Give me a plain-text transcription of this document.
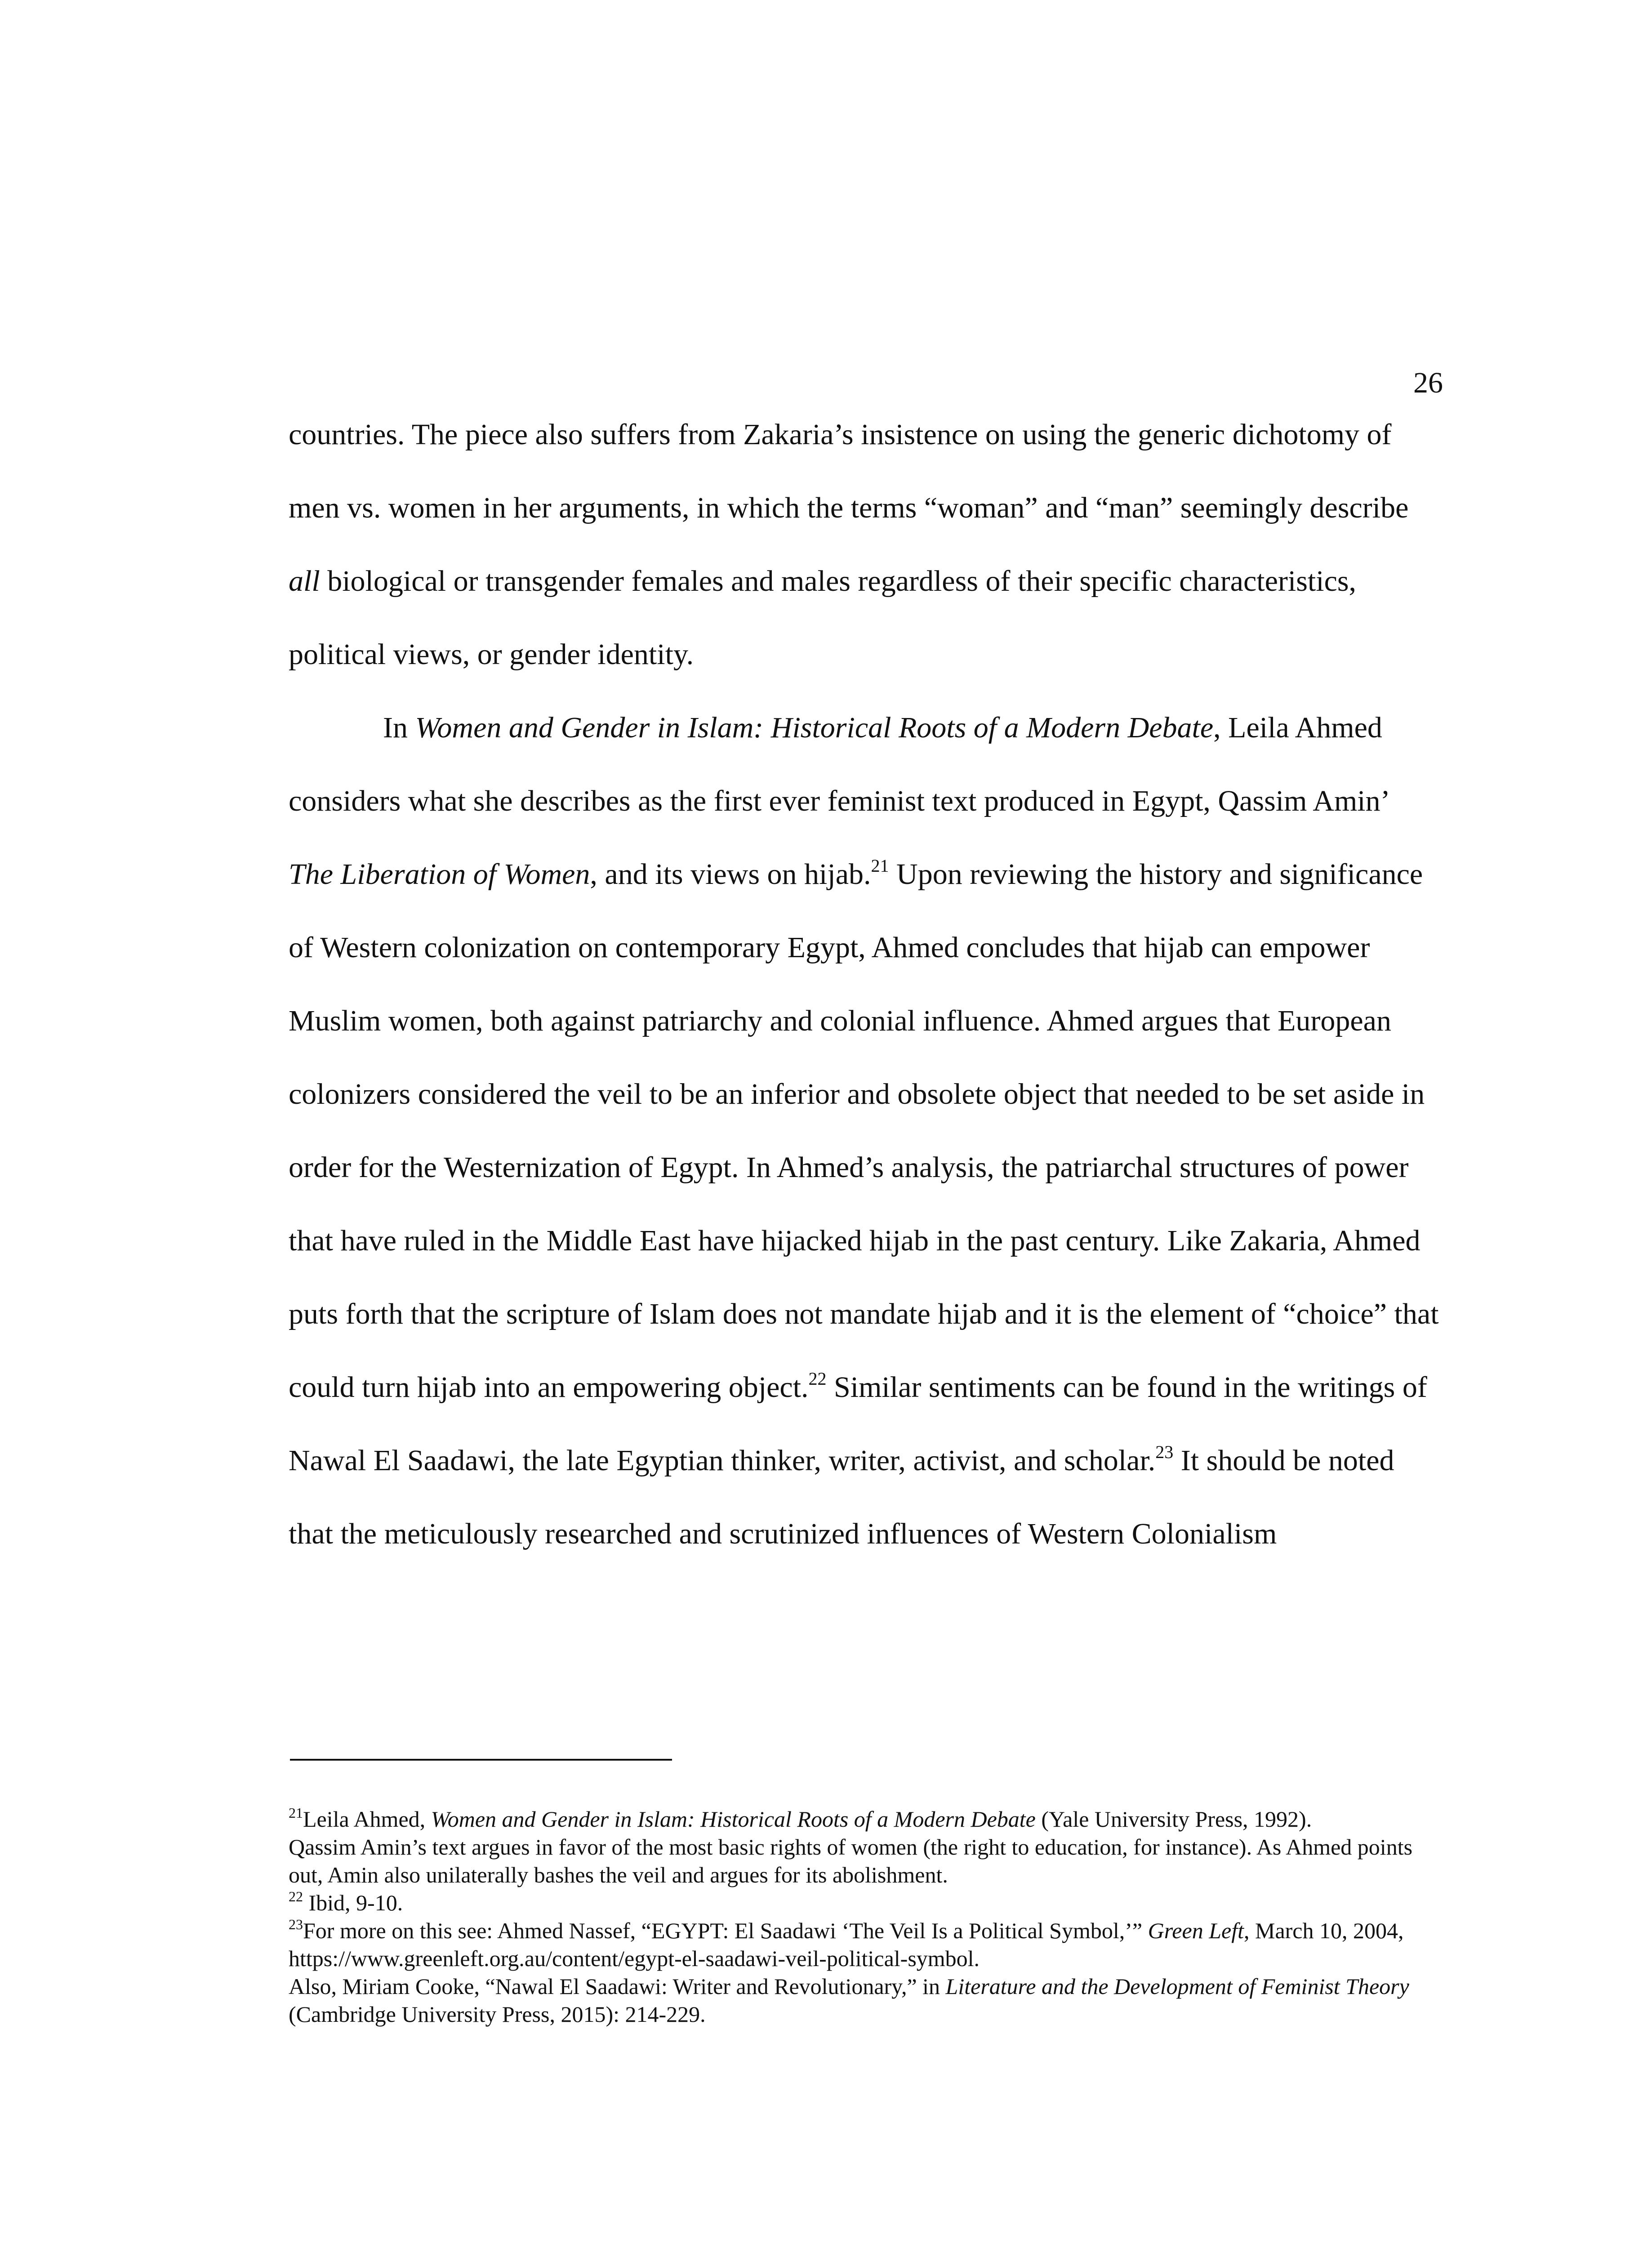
26

countries. The piece also suffers from Zakaria’s insistence on using the generic dichotomy of men vs. women in her arguments, in which the terms “woman” and “man” seemingly describe all biological or transgender females and males regardless of their specific characteristics, political views, or gender identity.

In Women and Gender in Islam: Historical Roots of a Modern Debate, Leila Ahmed considers what she describes as the first ever feminist text produced in Egypt, Qassim Amin’ The Liberation of Women, and its views on hijab.$^{21}$ Upon reviewing the history and significance of Western colonization on contemporary Egypt, Ahmed concludes that hijab can empower Muslim women, both against patriarchy and colonial influence. Ahmed argues that European colonizers considered the veil to be an inferior and obsolete object that needed to be set aside in order for the Westernization of Egypt. In Ahmed’s analysis, the patriarchal structures of power that have ruled in the Middle East have hijacked hijab in the past century. Like Zakaria, Ahmed puts forth that the scripture of Islam does not mandate hijab and it is the element of “choice” that could turn hijab into an empowering object.$^{22}$ Similar sentiments can be found in the writings of Nawal El Saadawi, the late Egyptian thinker, writer, activist, and scholar.$^{23}$ It should be noted that the meticulously researched and scrutinized influences of Western Colonialism

$^{21}$Leila Ahmed, Women and Gender in Islam: Historical Roots of a Modern Debate (Yale University Press, 1992).

Qassim Amin’s text argues in favor of the most basic rights of women (the right to education, for instance). As Ahmed points out, Amin also unilaterally bashes the veil and argues for its abolishment.

$^{22}$ Ibid, 9-10.

$^{23}$For more on this see: Ahmed Nassef, “EGYPT: El Saadawi ‘The Veil Is a Political Symbol,’” Green Left, March 10, 2004, https://www.greenleft.org.au/content/egypt-el-saadawi-veil-political-symbol.

Also, Miriam Cooke, “Nawal El Saadawi: Writer and Revolutionary,” in Literature and the Development of Feminist Theory (Cambridge University Press, 2015): 214-229.
